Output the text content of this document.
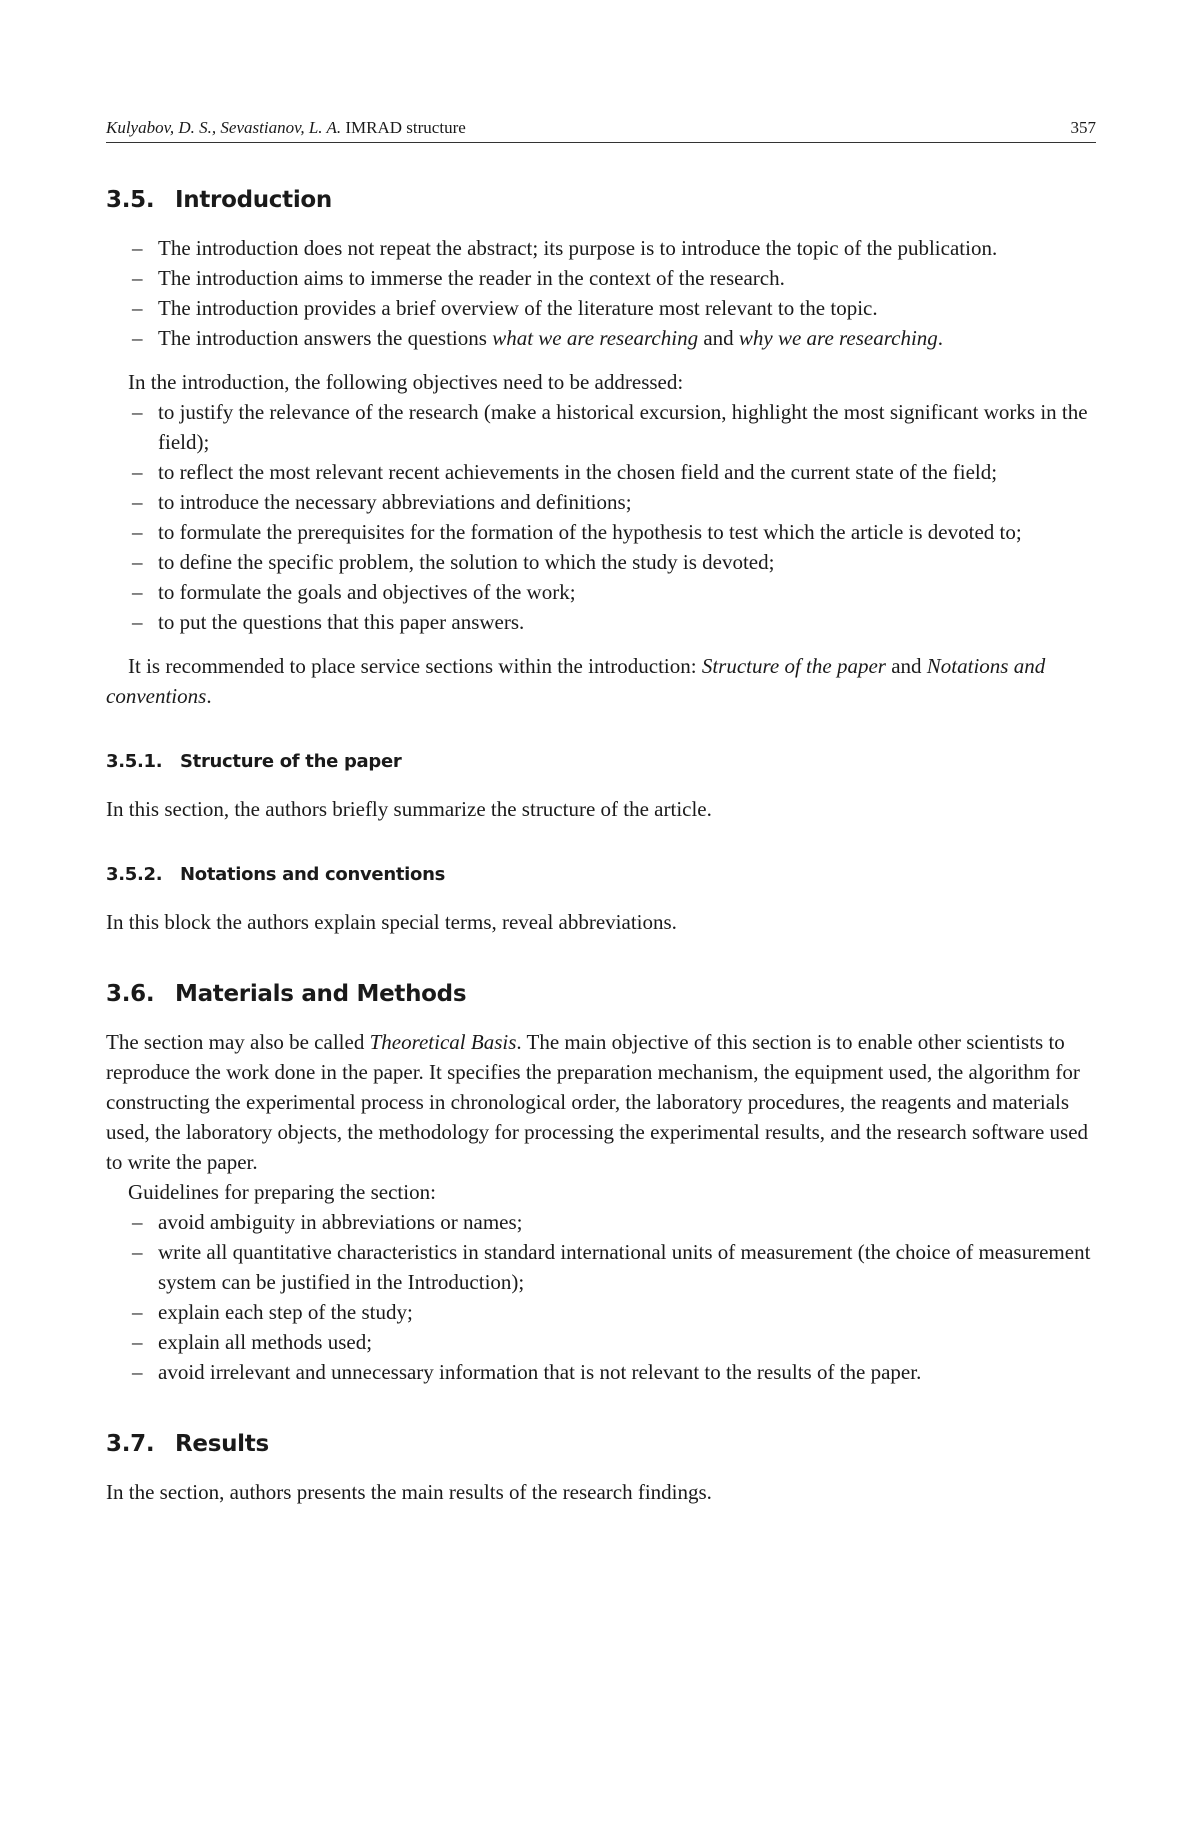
Kulyabov, D. S., Sevastianov, L. A. IMRAD structure	357
3.5. Introduction
– The introduction does not repeat the abstract; its purpose is to introduce the topic of the publication.
– The introduction aims to immerse the reader in the context of the research.
– The introduction provides a brief overview of the literature most relevant to the topic.
– The introduction answers the questions what we are researching and why we are researching.

In the introduction, the following objectives need to be addressed:

– to justify the relevance of the research (make a historical excursion, highlight the most significant works in the field);
– to reflect the most relevant recent achievements in the chosen field and the current state of the field;
– to introduce the necessary abbreviations and definitions;
– to formulate the prerequisites for the formation of the hypothesis to test which the article is devoted to;
– to define the specific problem, the solution to which the study is devoted;
– to formulate the goals and objectives of the work;
– to put the questions that this paper answers.

It is recommended to place service sections within the introduction: Structure of the paper and Notations and conventions.

3.5.1. Structure of the paper

In this section, the authors briefly summarize the structure of the article.

3.5.2. Notations and conventions

In this block the authors explain special terms, reveal abbreviations.

3.6. Materials and Methods

The section may also be called Theoretical Basis. The main objective of this section is to enable other scientists to reproduce the work done in the paper. It specifies the preparation mechanism, the equipment used, the algorithm for constructing the experimental process in chronological order, the laboratory procedures, the reagents and materials used, the laboratory objects, the methodology for processing the experimental results, and the research software used to write the paper.

Guidelines for preparing the section:

– avoid ambiguity in abbreviations or names;
– write all quantitative characteristics in standard international units of measurement (the choice of measurement system can be justified in the Introduction);
– explain each step of the study;
– explain all methods used;
– avoid irrelevant and unnecessary information that is not relevant to the results of the paper.
3.7. Results

In the section, authors presents the main results of the research findings.
